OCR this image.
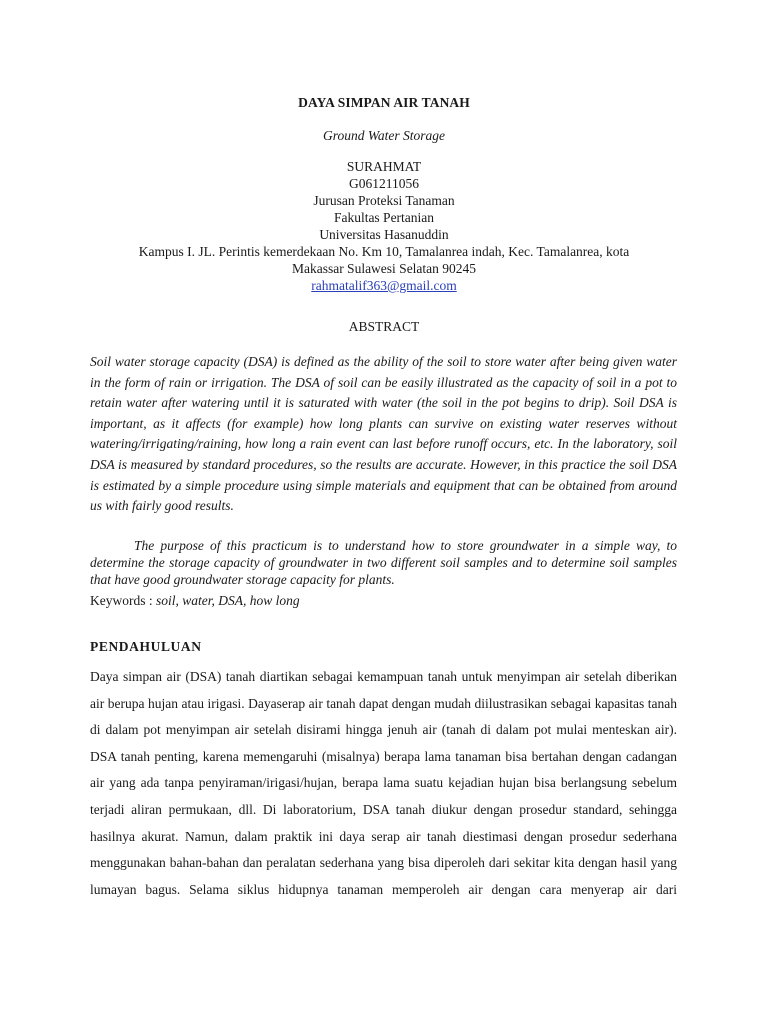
DAYA SIMPAN AIR TANAH
Ground Water Storage
SURAHMAT
G061211056
Jurusan Proteksi Tanaman
Fakultas Pertanian
Universitas Hasanuddin
Kampus I. JL. Perintis kemerdekaan No. Km 10, Tamalanrea indah, Kec. Tamalanrea, kota
Makassar Sulawesi Selatan 90245
rahmatalif363@gmail.com
ABSTRACT
Soil water storage capacity (DSA) is defined as the ability of the soil to store water after being given water in the form of rain or irrigation. The DSA of soil can be easily illustrated as the capacity of soil in a pot to retain water after watering until it is saturated with water (the soil in the pot begins to drip). Soil DSA is important, as it affects (for example) how long plants can survive on existing water reserves without watering/irrigating/raining, how long a rain event can last before runoff occurs, etc. In the laboratory, soil DSA is measured by standard procedures, so the results are accurate. However, in this practice the soil DSA is estimated by a simple procedure using simple materials and equipment that can be obtained from around us with fairly good results.
The purpose of this practicum is to understand how to store groundwater in a simple way, to determine the storage capacity of groundwater in two different soil samples and to determine soil samples that have good groundwater storage capacity for plants.
Keywords : soil, water, DSA, how long
PENDAHULUAN
Daya simpan air (DSA) tanah diartikan sebagai kemampuan tanah untuk menyimpan air setelah diberikan air berupa hujan atau irigasi. Dayaserap air tanah dapat dengan mudah diilustrasikan sebagai kapasitas tanah di dalam pot menyimpan air setelah disirami hingga jenuh air (tanah di dalam pot mulai menteskan air). DSA tanah penting, karena memengaruhi (misalnya) berapa lama tanaman bisa bertahan dengan cadangan air yang ada tanpa penyiraman/irigasi/hujan, berapa lama suatu kejadian hujan bisa berlangsung sebelum terjadi aliran permukaan, dll. Di laboratorium, DSA tanah diukur dengan prosedur standard, sehingga hasilnya akurat. Namun, dalam praktik ini daya serap air tanah diestimasi dengan prosedur sederhana menggunakan bahan-bahan dan peralatan sederhana yang bisa diperoleh dari sekitar kita dengan hasil yang lumayan bagus. Selama siklus hidupnya tanaman memperoleh air dengan cara menyerap air dari
